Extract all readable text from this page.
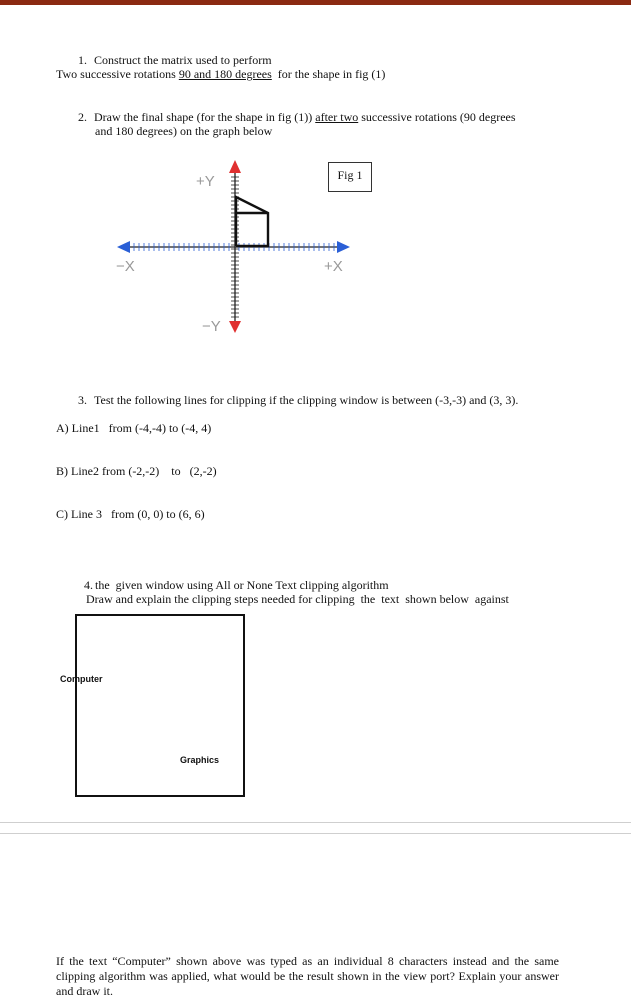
1. Construct the matrix used to perform
Two successive rotations 90 and 180 degrees  for the shape in fig (1)
2. Draw the final shape (for the shape in fig (1)) after two successive rotations (90 degrees
and 180 degrees) on the graph below
+Y
−Y
+X
−X
Fig 1
3. Test the following lines for clipping if the clipping window is between (-3,-3) and (3, 3).
A) Line1   from (-4,-4) to (-4, 4)
B) Line2 from (-2,-2)    to   (2,-2)
C) Line 3   from (0, 0) to (6, 6)

4.
Draw and explain the clipping steps needed for clipping  the  text  shown below  against

the  given window using All or None Text clipping algorithm
Computer
Graphics
If the text “Computer” shown above was typed as an individual 8 characters instead and the same clipping algorithm was applied, what would be the result shown in the view port? Explain your answer and draw it.
